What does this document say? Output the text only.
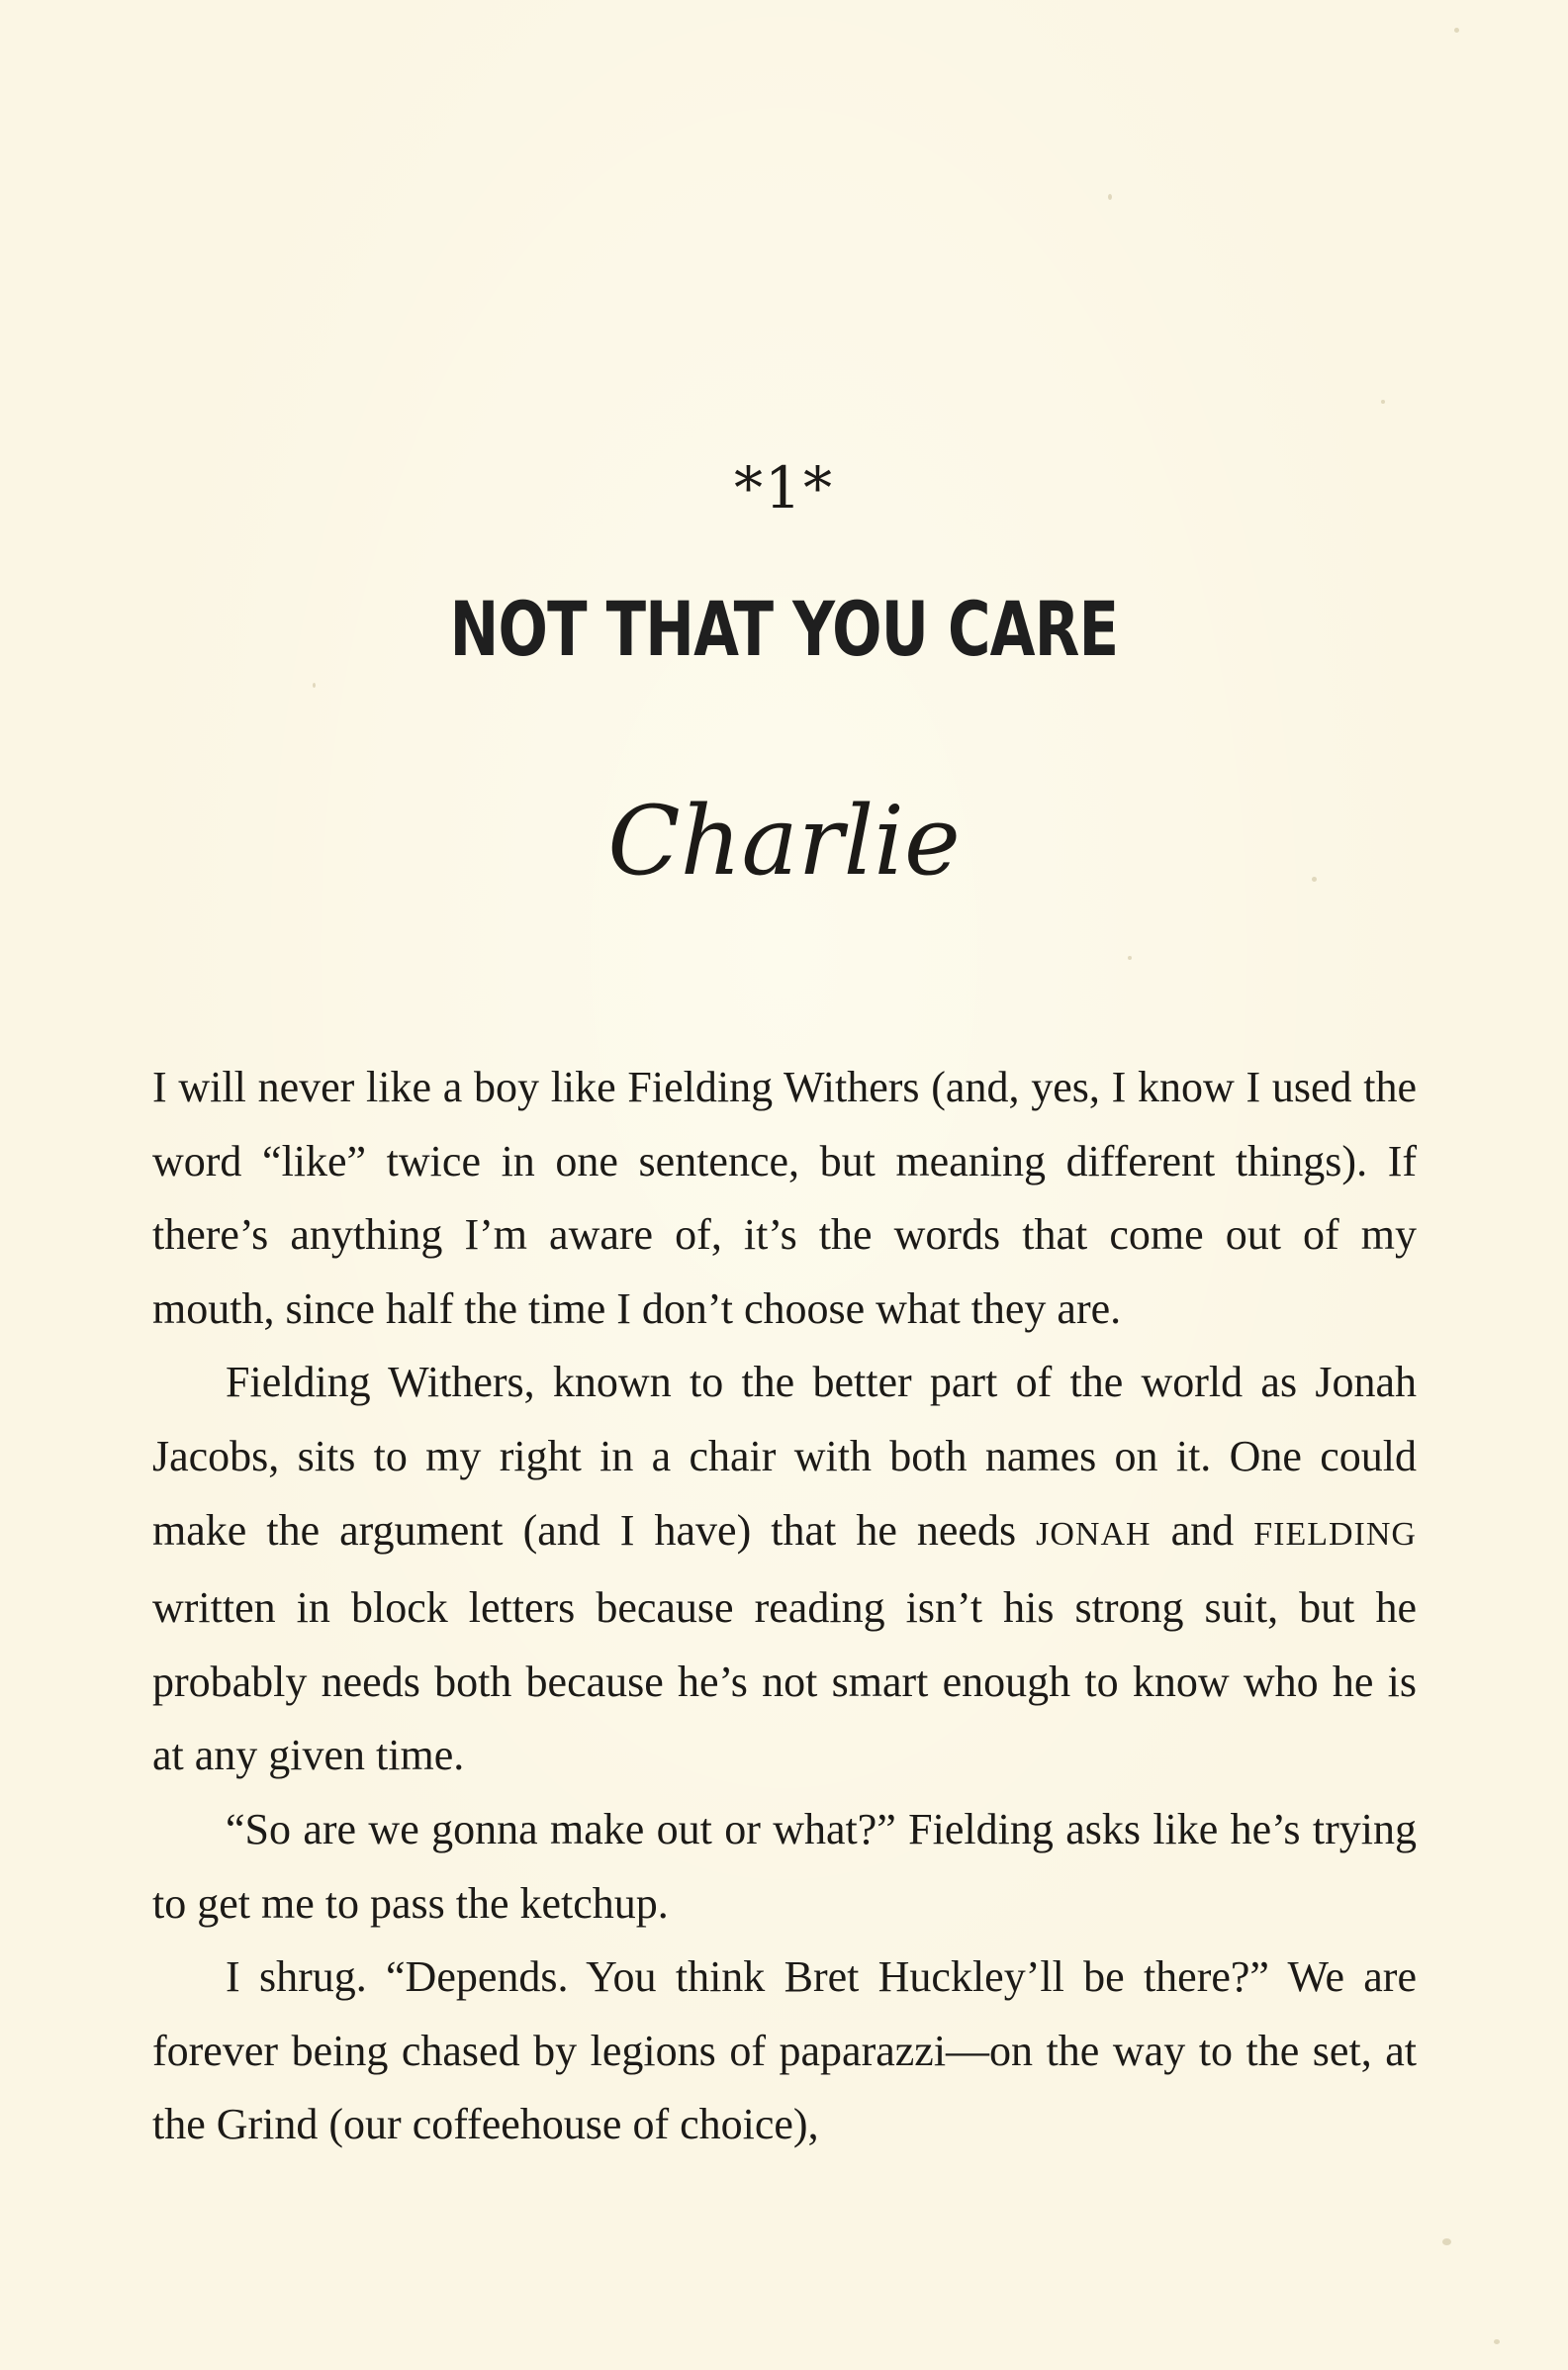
*1*
NOT THAT YOU CARE
Charlie

I will never like a boy like Fielding Withers (and, yes, I know I used the word “like” twice in one sentence, but meaning different things). If there’s anything I’m aware of, it’s the words that come out of my mouth, since half the time I don’t choose what they are.

Fielding Withers, known to the better part of the world as Jonah Jacobs, sits to my right in a chair with both names on it. One could make the argument (and I have) that he needs JONAH and FIELDING written in block letters because reading isn’t his strong suit, but he probably needs both because he’s not smart enough to know who he is at any given time.

“So are we gonna make out or what?” Fielding asks like he’s trying to get me to pass the ketchup.

I shrug. “Depends. You think Bret Huckley’ll be there?” We are forever being chased by legions of paparazzi—on the way to the set, at the Grind (our coffeehouse of choice),
